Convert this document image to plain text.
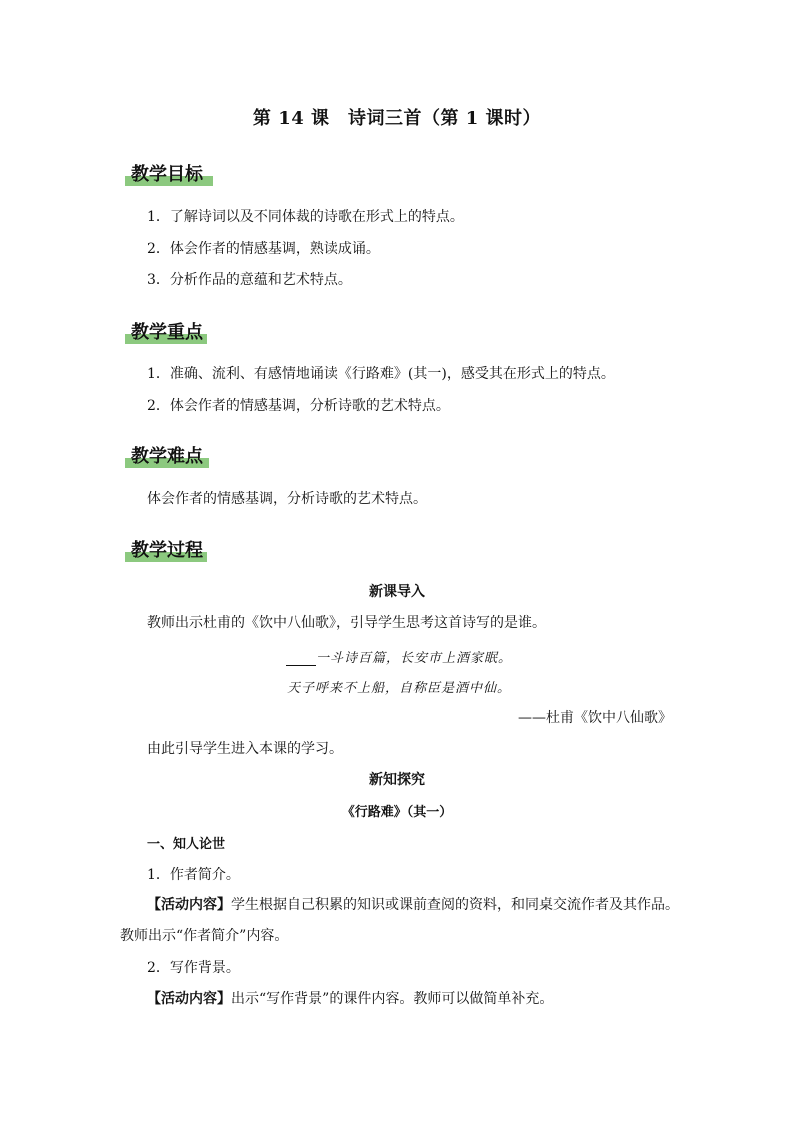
第 14 课　诗词三首（第 1 课时）
教学目标
1．了解诗词以及不同体裁的诗歌在形式上的特点。
2．体会作者的情感基调，熟读成诵。
3．分析作品的意蕴和艺术特点。
教学重点
1．准确、流利、有感情地诵读《行路难》(其一)，感受其在形式上的特点。
2．体会作者的情感基调，分析诗歌的艺术特点。
教学难点
体会作者的情感基调，分析诗歌的艺术特点。
教学过程
新课导入
教师出示杜甫的《饮中八仙歌》，引导学生思考这首诗写的是谁。
一斗诗百篇，长安市上酒家眠。
天子呼来不上船，自称臣是酒中仙。
——杜甫《饮中八仙歌》
由此引导学生进入本课的学习。
新知探究
《行路难》（其一）
一、知人论世
1．作者简介。
【活动内容】学生根据自己积累的知识或课前查阅的资料，和同桌交流作者及其作品。
教师出示“作者简介”内容。
2．写作背景。
【活动内容】出示“写作背景”的课件内容。教师可以做简单补充。
